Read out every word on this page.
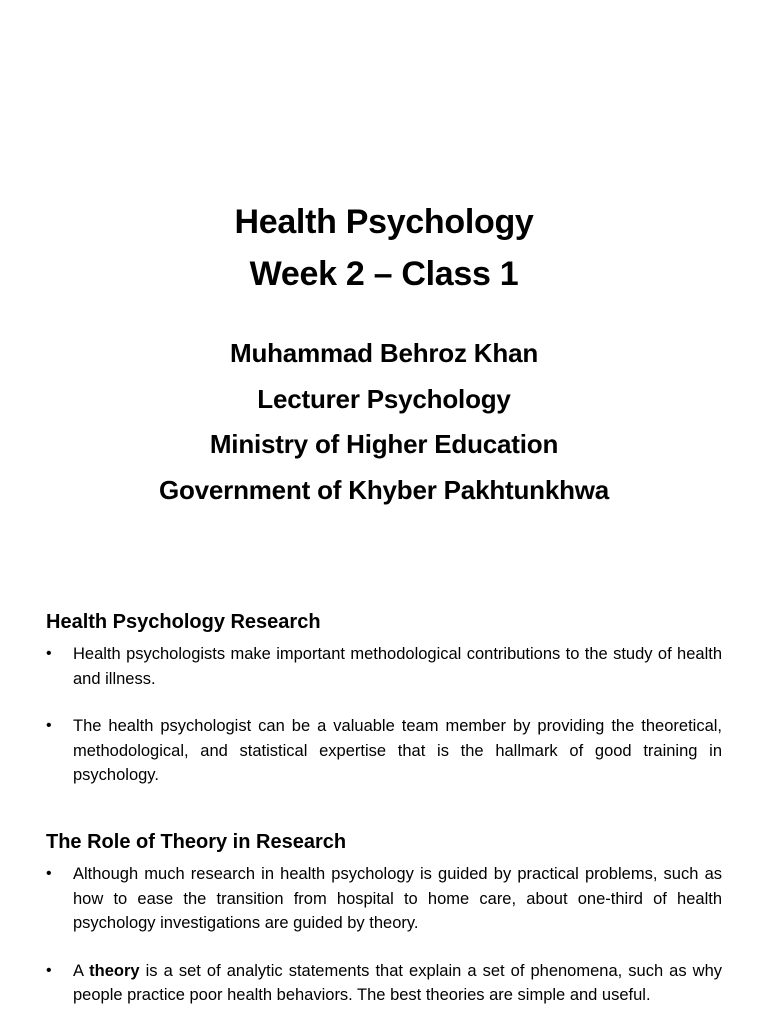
Health Psychology
Week 2 – Class 1
Muhammad Behroz Khan
Lecturer Psychology
Ministry of Higher Education
Government of Khyber Pakhtunkhwa
Health Psychology Research

• Health psychologists make important methodological contributions to the study of health and illness.

• The health psychologist can be a valuable team member by providing the theoretical, methodological, and statistical expertise that is the hallmark of good training in psychology.

The Role of Theory in Research

• Although much research in health psychology is guided by practical problems, such as how to ease the transition from hospital to home care, about one-third of health psychology investigations are guided by theory.

• A theory is a set of analytic statements that explain a set of phenomena, such as why people practice poor health behaviors. The best theories are simple and useful.
